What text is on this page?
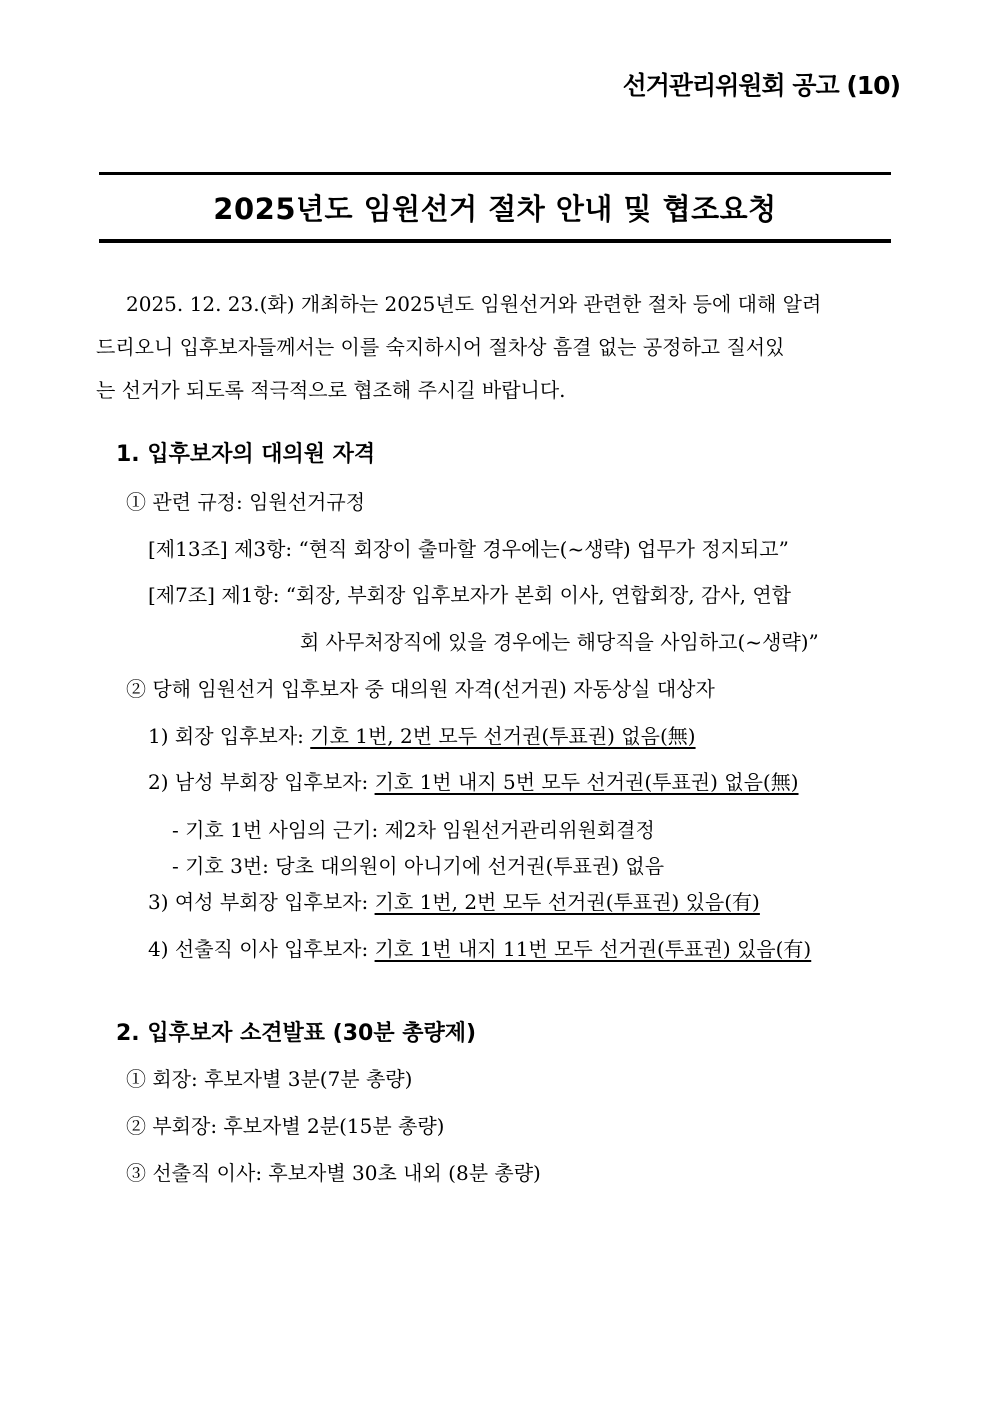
선거관리위원회 공고 (10)
2025년도 임원선거 절차 안내 및 협조요청
2025. 12. 23.(화) 개최하는 2025년도 임원선거와 관련한 절차 등에 대해 알려
드리오니 입후보자들께서는 이를 숙지하시어 절차상 흠결 없는 공정하고 질서있
는 선거가 되도록 적극적으로 협조해 주시길 바랍니다.
1. 입후보자의 대의원 자격
① 관련 규정: 임원선거규정
[제13조] 제3항: “현직 회장이 출마할 경우에는(~생략) 업무가 정지되고”
[제7조] 제1항: “회장, 부회장 입후보자가 본회 이사, 연합회장, 감사, 연합
회 사무처장직에 있을 경우에는 해당직을 사임하고(~생략)”
② 당해 임원선거 입후보자 중 대의원 자격(선거권) 자동상실 대상자
1) 회장 입후보자: 기호 1번, 2번 모두 선거권(투표권) 없음(無)
2) 남성 부회장 입후보자: 기호 1번 내지 5번 모두 선거권(투표권) 없음(無)
- 기호 1번 사임의 근기: 제2차 임원선거관리위원회결정
- 기호 3번: 당초 대의원이 아니기에 선거권(투표권) 없음
3) 여성 부회장 입후보자: 기호 1번, 2번 모두 선거권(투표권) 있음(有)
4) 선출직 이사 입후보자: 기호 1번 내지 11번 모두 선거권(투표권) 있음(有)
2. 입후보자 소견발표 (30분 총량제)
① 회장: 후보자별 3분(7분 총량)
② 부회장: 후보자별 2분(15분 총량)
③ 선출직 이사: 후보자별 30초 내외 (8분 총량)
